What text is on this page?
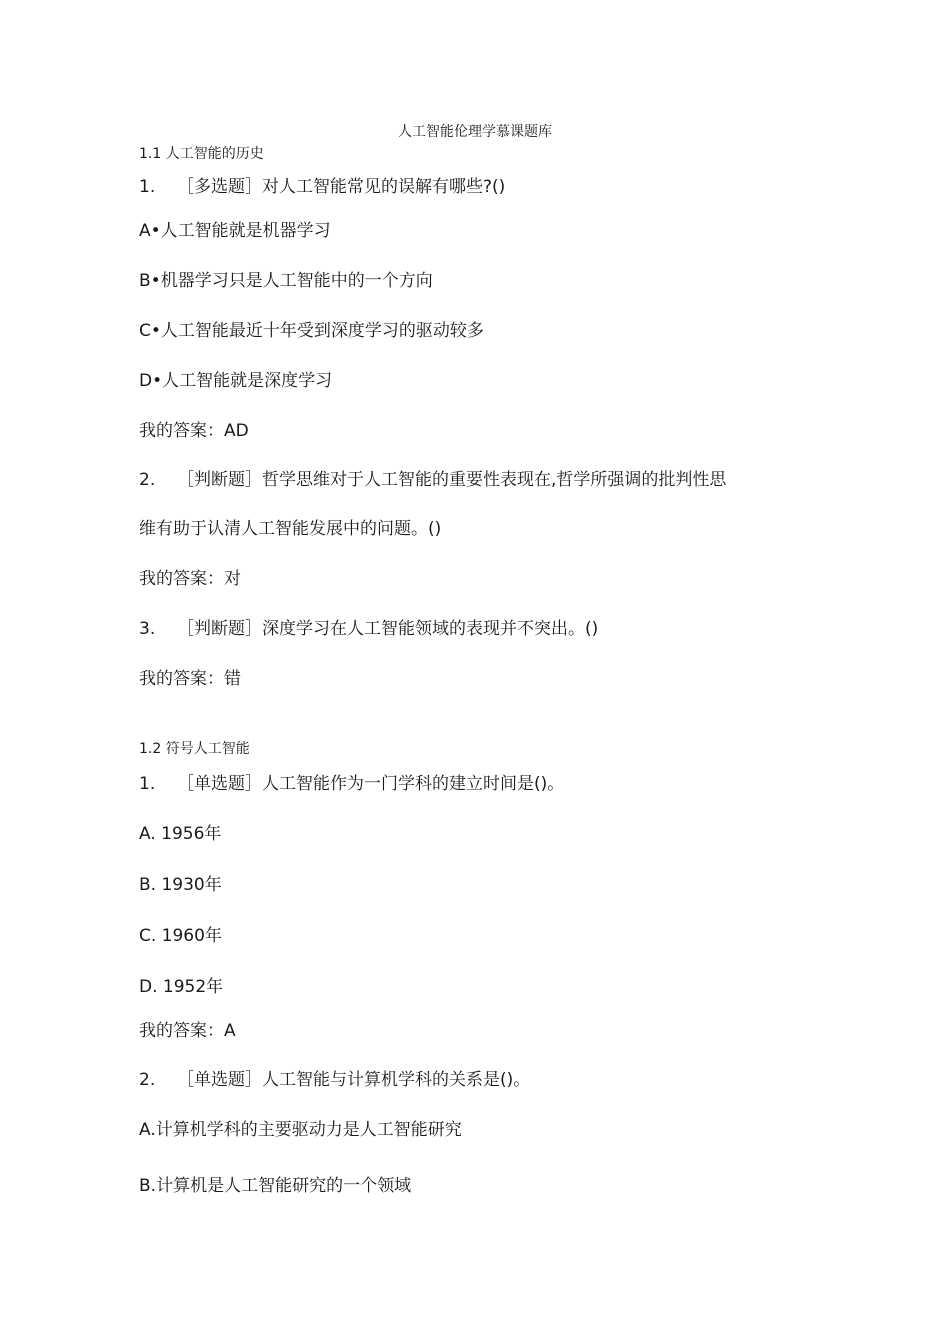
人工智能伦理学慕课题库
1.1 人工智能的历史
1. ［多选题］对人工智能常见的误解有哪些?()
A•人工智能就是机器学习
B•机器学习只是人工智能中的一个方向
C•人工智能最近十年受到深度学习的驱动较多
D•人工智能就是深度学习
我的答案：AD
2. ［判断题］哲学思维对于人工智能的重要性表现在,哲学所强调的批判性思
维有助于认清人工智能发展中的问题。()
我的答案：对
3. ［判断题］深度学习在人工智能领域的表现并不突出。()
我的答案：错
1.2 符号人工智能
1. ［单选题］人工智能作为一门学科的建立时间是()。
A. 1956年
B. 1930年
C. 1960年
D. 1952年
我的答案：A
2. ［单选题］人工智能与计算机学科的关系是()。
A.计算机学科的主要驱动力是人工智能研究
B.计算机是人工智能研究的一个领域
